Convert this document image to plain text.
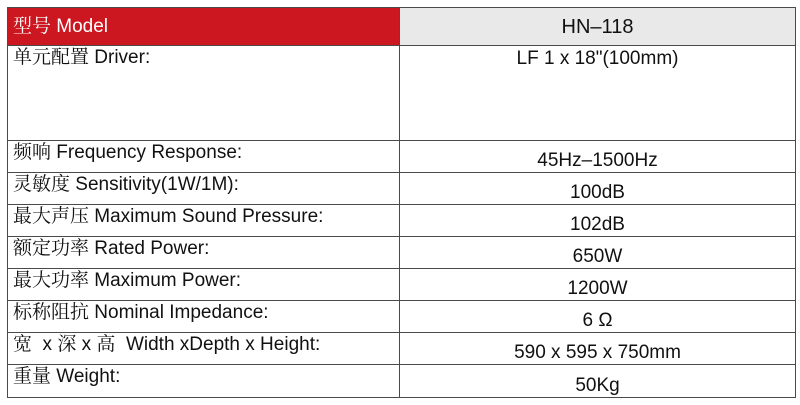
型号 Model	HN–118
单元配置 Driver:	LF 1 x 18"(100mm)
频响 Frequency Response:	45Hz–1500Hz
灵敏度 Sensitivity(1W/1M):	100dB
最大声压 Maximum Sound Pressure:	102dB
额定功率 Rated Power:	650W
最大功率 Maximum Power:	1200W
标称阻抗 Nominal Impedance:	6 Ω
宽  x 深 x 高  Width xDepth x Height:	590 x 595 x 750mm
重量 Weight:	50Kg
